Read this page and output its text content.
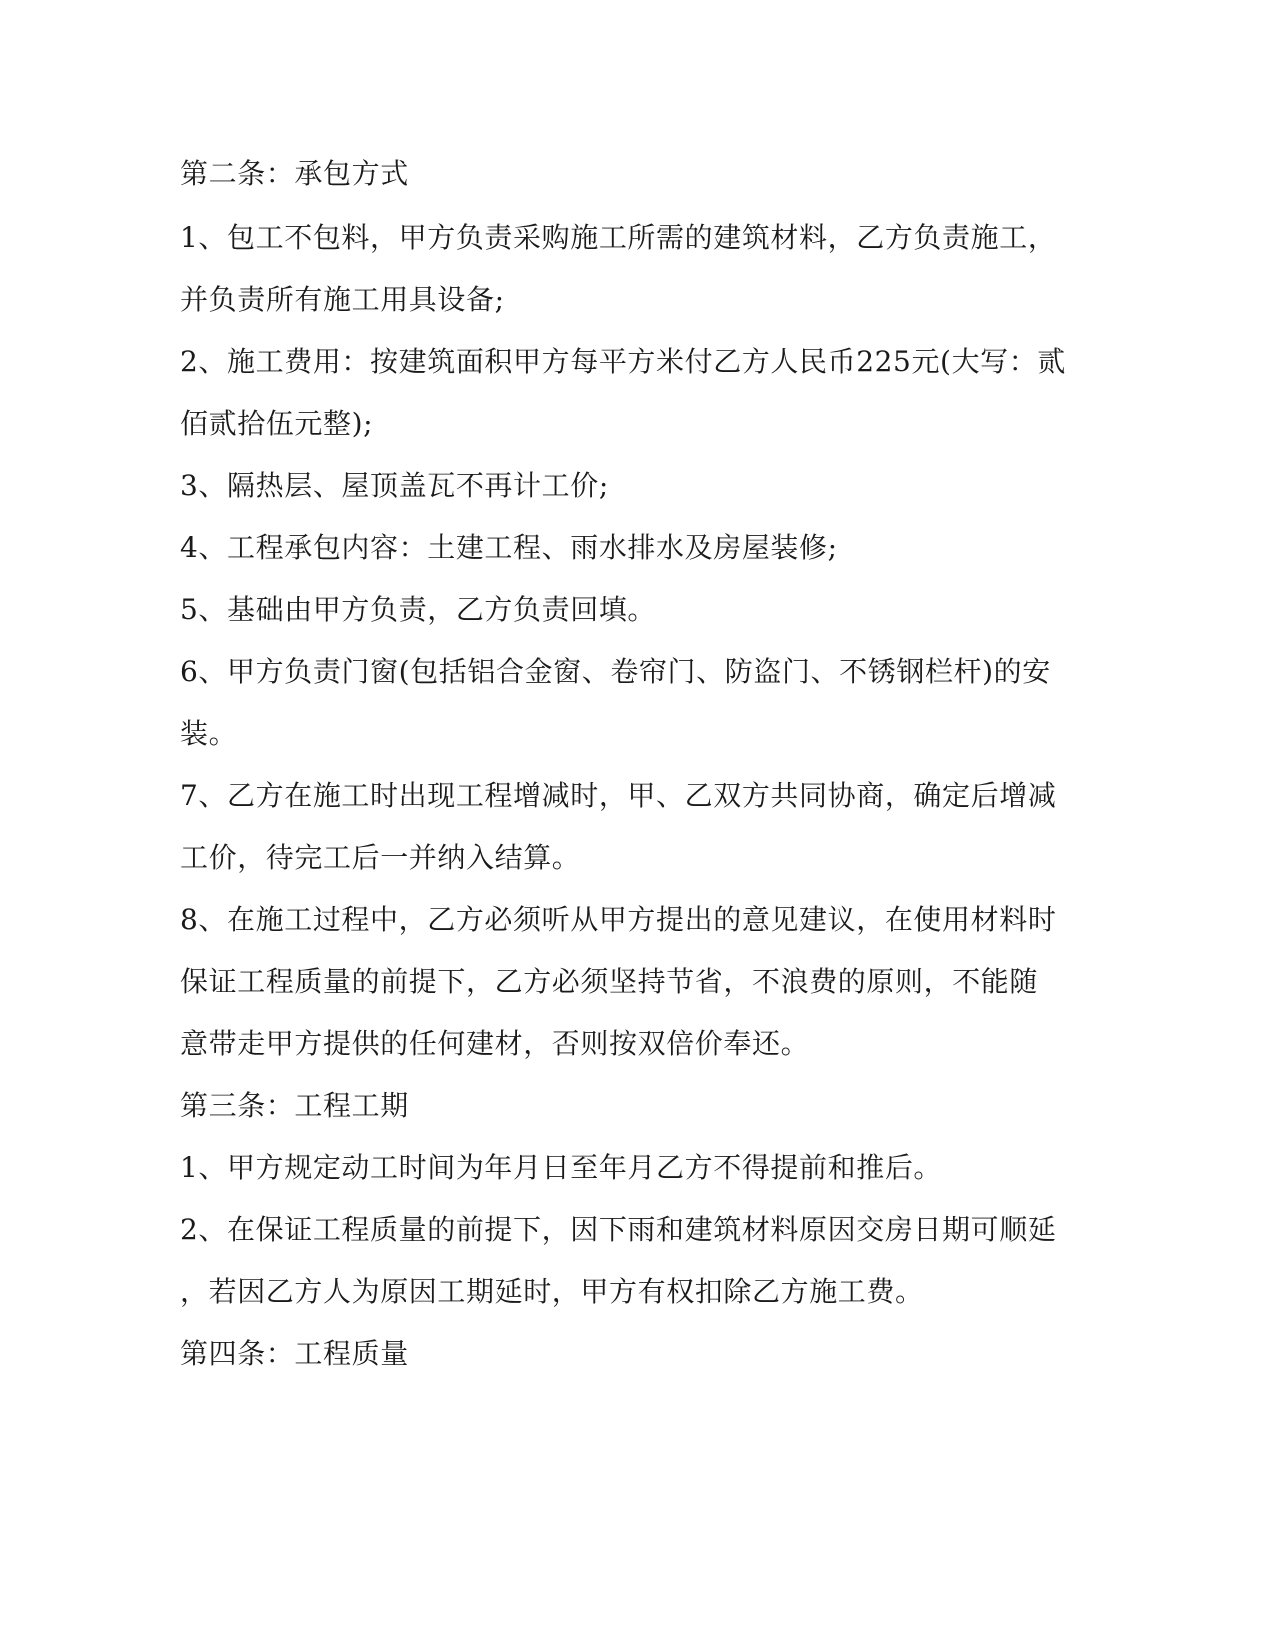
第二条：承包方式
1、包工不包料，甲方负责采购施工所需的建筑材料，乙方负责施工，
并负责所有施工用具设备;
2、施工费用：按建筑面积甲方每平方米付乙方人民币225元(大写：贰
佰贰拾伍元整);
3、隔热层、屋顶盖瓦不再计工价;
4、工程承包内容：土建工程、雨水排水及房屋装修;
5、基础由甲方负责，乙方负责回填。
6、甲方负责门窗(包括铝合金窗、卷帘门、防盗门、不锈钢栏杆)的安
装。
7、乙方在施工时出现工程增减时，甲、乙双方共同协商，确定后增减
工价，待完工后一并纳入结算。
8、在施工过程中，乙方必须听从甲方提出的意见建议，在使用材料时
保证工程质量的前提下，乙方必须坚持节省，不浪费的原则，不能随
意带走甲方提供的任何建材，否则按双倍价奉还。
第三条：工程工期
1、甲方规定动工时间为年月日至年月乙方不得提前和推后。
2、在保证工程质量的前提下，因下雨和建筑材料原因交房日期可顺延
，若因乙方人为原因工期延时，甲方有权扣除乙方施工费。
第四条：工程质量
